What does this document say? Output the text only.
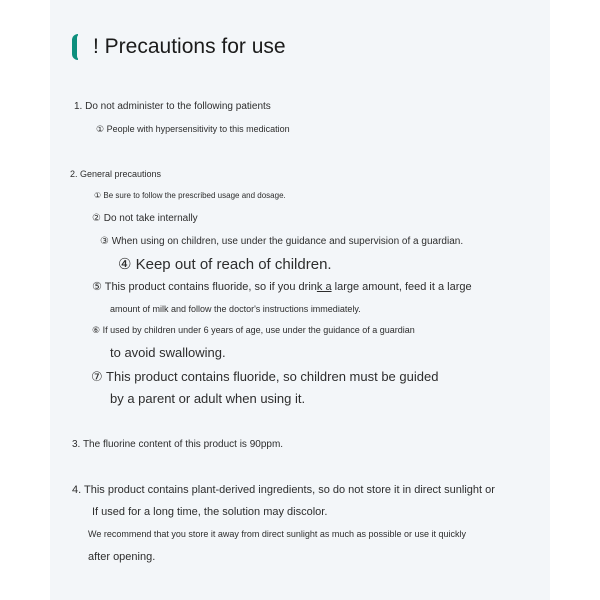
! Precautions for use
1. Do not administer to the following patients
① People with hypersensitivity to this medication
2. General precautions
① Be sure to follow the prescribed usage and dosage.
② Do not take internally
③ When using on children, use under the guidance and supervision of a guardian.
④ Keep out of reach of children.
⑤ This product contains fluoride, so if you drink a large amount, feed it a large
amount of milk and follow the doctor's instructions immediately.
⑥ If used by children under 6 years of age, use under the guidance of a guardian
to avoid swallowing.
⑦ This product contains fluoride, so children must be guided
by a parent or adult when using it.
3. The fluorine content of this product is 90ppm.
4. This product contains plant-derived ingredients, so do not store it in direct sunlight or
If used for a long time, the solution may discolor.
We recommend that you store it away from direct sunlight as much as possible or use it quickly
after opening.
